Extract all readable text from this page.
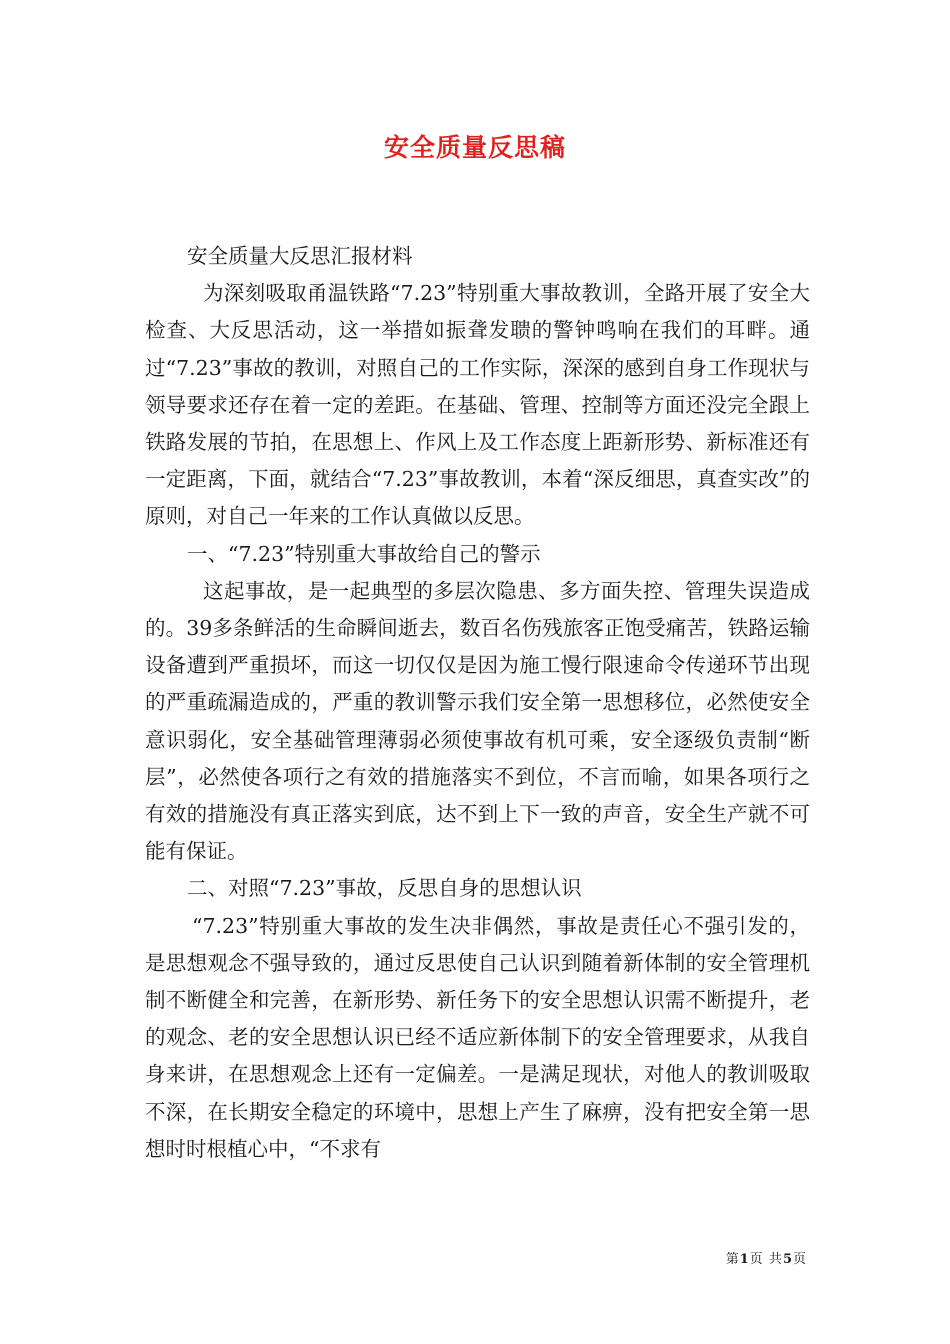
安全质量反思稿

安全质量大反思汇报材料

为深刻吸取甬温铁路“7.23”特别重大事故教训，全路开展了安全大检查、大反思活动，这一举措如振聋发聩的警钟鸣响在我们的耳畔。通过“7.23”事故的教训，对照自己的工作实际，深深的感到自身工作现状与领导要求还存在着一定的差距。在基础、管理、控制等方面还没完全跟上铁路发展的节拍，在思想上、作风上及工作态度上距新形势、新标准还有一定距离，下面，就结合“7.23”事故教训，本着“深反细思，真查实改”的原则，对自己一年来的工作认真做以反思。

一、“7.23”特别重大事故给自己的警示

这起事故，是一起典型的多层次隐患、多方面失控、管理失误造成的。39多条鲜活的生命瞬间逝去，数百名伤残旅客正饱受痛苦，铁路运输设备遭到严重损坏，而这一切仅仅是因为施工慢行限速命令传递环节出现的严重疏漏造成的，严重的教训警示我们安全第一思想移位，必然使安全意识弱化，安全基础管理薄弱必须使事故有机可乘，安全逐级负责制“断层”，必然使各项行之有效的措施落实不到位，不言而喻，如果各项行之有效的措施没有真正落实到底，达不到上下一致的声音，安全生产就不可能有保证。

二、对照“7.23”事故，反思自身的思想认识

“7.23”特别重大事故的发生决非偶然，事故是责任心不强引发的，是思想观念不强导致的，通过反思使自己认识到随着新体制的安全管理机制不断健全和完善，在新形势、新任务下的安全思想认识需不断提升，老的观念、老的安全思想认识已经不适应新体制下的安全管理要求，从我自身来讲，在思想观念上还有一定偏差。一是满足现状，对他人的教训吸取不深，在长期安全稳定的环境中，思想上产生了麻痹，没有把安全第一思想时时根植心中，“不求有

第1页 共5页
